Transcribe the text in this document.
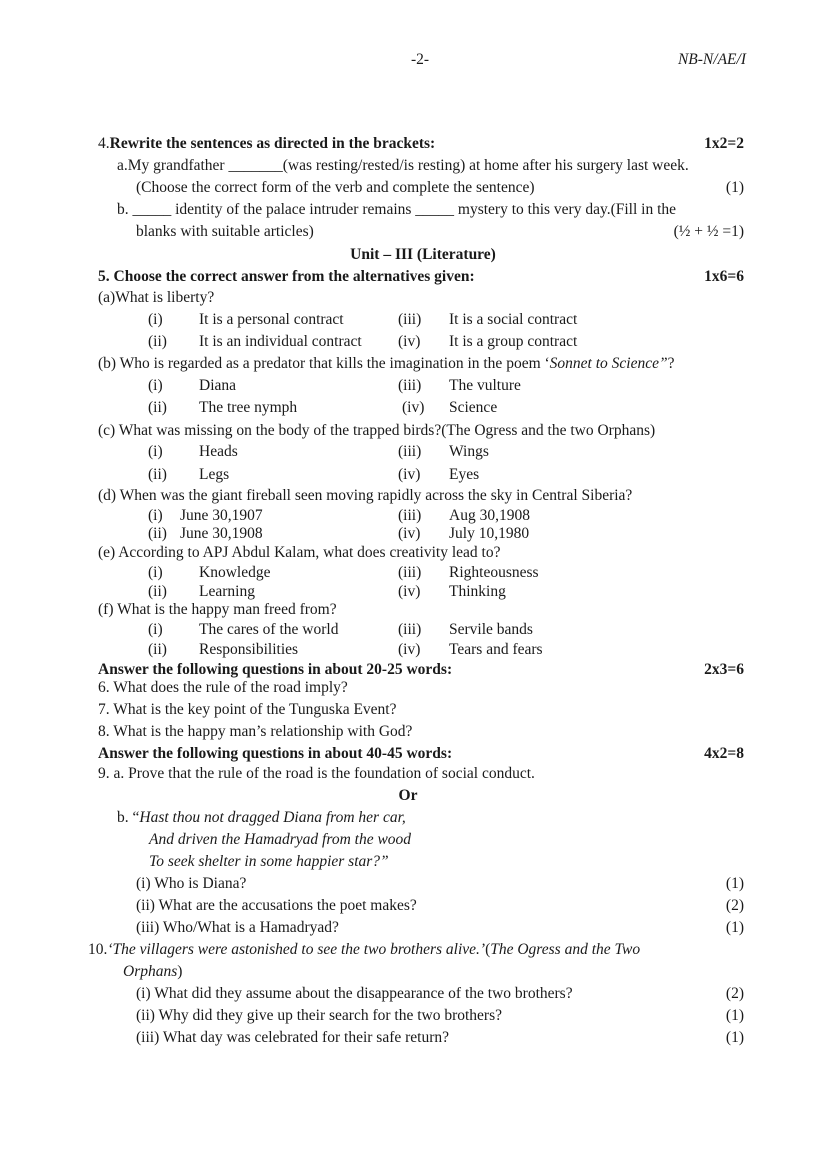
-2-	NB-N/AE/I
4.Rewrite the sentences as directed in the brackets:	1x2=2
a.My grandfather _______(was resting/rested/is resting) at home after his surgery last week.
(Choose the correct form of the verb and complete the sentence)	(1)
b. _____ identity of the palace intruder remains _____ mystery to this very day.(Fill in the
blanks with suitable articles)	(½ + ½ =1)
Unit – III (Literature)
5. Choose the correct answer from the alternatives given:	1x6=6
(a)What is liberty?
(i) It is a personal contract	(iii) It is a social contract
(ii) It is an individual contract (iv) It is a group contract
(b) Who is regarded as a predator that kills the imagination in the poem ‘Sonnet to Science”?
(i) Diana	(iii) The vulture
(ii) The tree nymph	(iv) Science
(c) What was missing on the body of the trapped birds?(The Ogress and the two Orphans)
(i) Heads	(iii) Wings
(ii) Legs	(iv) Eyes
(d) When was the giant fireball seen moving rapidly across the sky in Central Siberia?
(i) June 30,1907	(iii) Aug 30,1908
(ii) June 30,1908	(iv) July 10,1980
(e) According to APJ Abdul Kalam, what does creativity lead to?
(i) Knowledge	(iii) Righteousness
(ii) Learning	(iv) Thinking
(f) What is the happy man freed from?
(i) The cares of the world	(iii) Servile bands
(ii) Responsibilities	(iv) Tears and fears
Answer the following questions in about 20-25 words:	2x3=6
6. What does the rule of the road imply?
7. What is the key point of the Tunguska Event?
8. What is the happy man’s relationship with God?
Answer the following questions in about 40-45 words:	4x2=8
9. a. Prove that the rule of the road is the foundation of social conduct.
Or
b. “Hast thou not dragged Diana from her car,
And driven the Hamadryad from the wood
To seek shelter in some happier star?”
(i) Who is Diana?	(1)
(ii) What are the accusations the poet makes?	(2)
(iii) Who/What is a Hamadryad?	(1)
10.‘The villagers were astonished to see the two brothers alive.’(The Ogress and the Two
Orphans)
(i) What did they assume about the disappearance of the two brothers?	(2)
(ii) Why did they give up their search for the two brothers?	(1)
(iii) What day was celebrated for their safe return?	(1)
